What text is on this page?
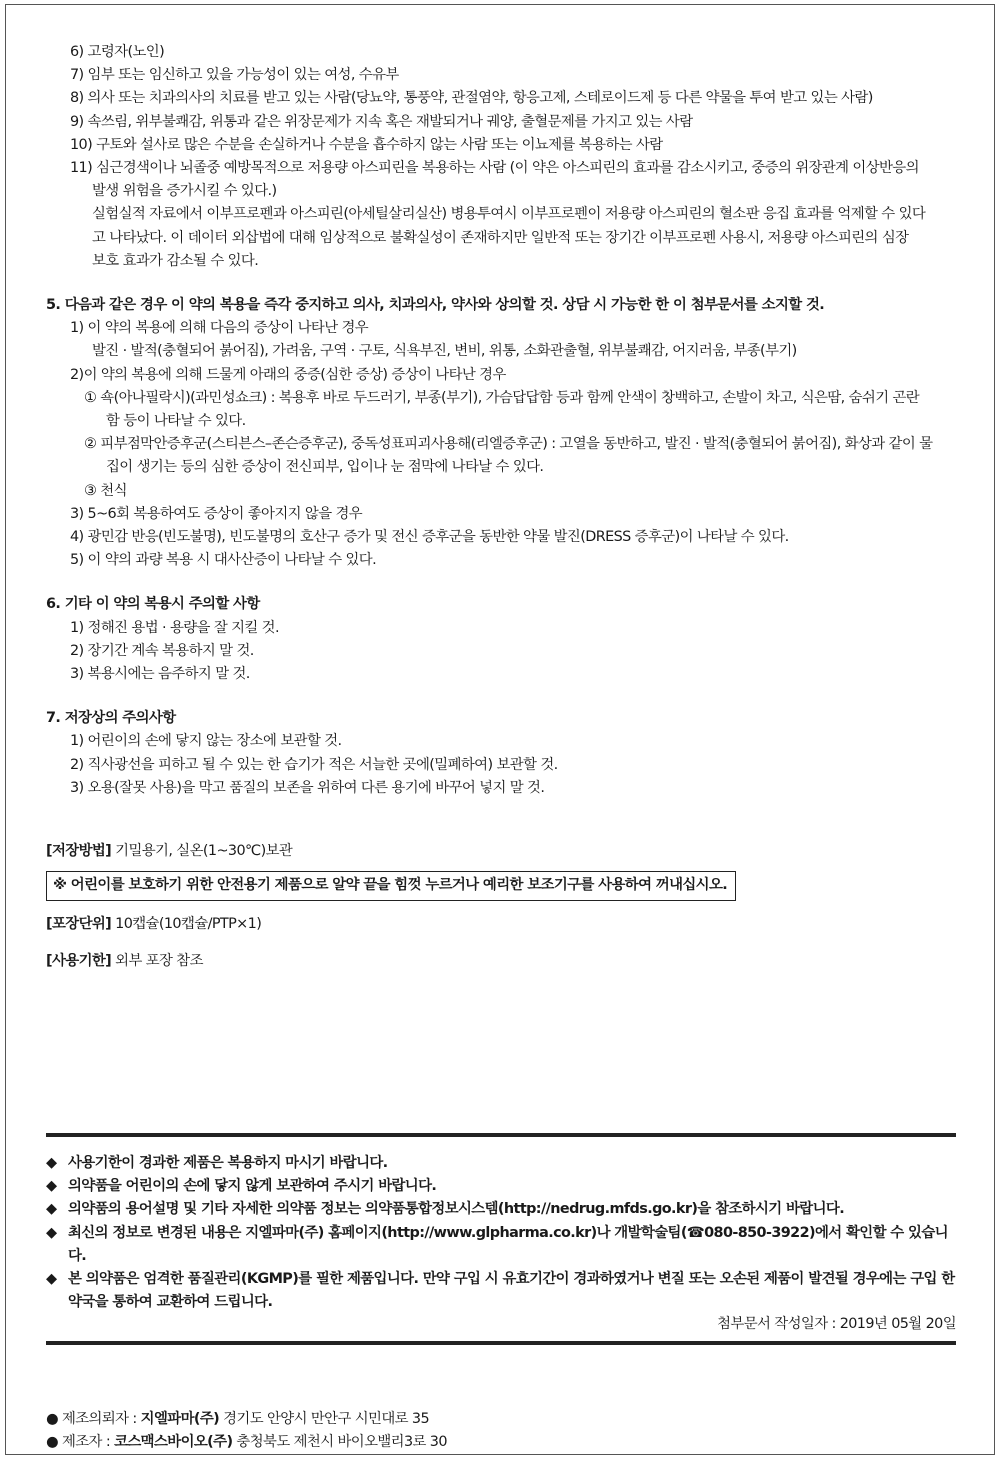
6) 고령자(노인)
7) 임부 또는 임신하고 있을 가능성이 있는 여성, 수유부
8) 의사 또는 치과의사의 치료를 받고 있는 사람(당뇨약, 통풍약, 관절염약, 항응고제, 스테로이드제 등 다른 약물을 투여 받고 있는 사람)
9) 속쓰림, 위부불쾌감, 위통과 같은 위장문제가 지속 혹은 재발되거나 궤양, 출혈문제를 가지고 있는 사람
10) 구토와 설사로 많은 수분을 손실하거나 수분을 흡수하지 않는 사람 또는 이뇨제를 복용하는 사람
11) 심근경색이나 뇌졸중 예방목적으로 저용량 아스피린을 복용하는 사람 (이 약은 아스피린의 효과를 감소시키고, 중증의 위장관계 이상반응의
발생 위험을 증가시킬 수 있다.)
실험실적 자료에서 이부프로펜과 아스피린(아세틸살리실산) 병용투여시 이부프로펜이 저용량 아스피린의 혈소판 응집 효과를 억제할 수 있다
고 나타났다. 이 데이터 외삽법에 대해 임상적으로 불확실성이 존재하지만 일반적 또는 장기간 이부프로펜 사용시, 저용량 아스피린의 심장
보호 효과가 감소될 수 있다.
5. 다음과 같은 경우 이 약의 복용을 즉각 중지하고 의사, 치과의사, 약사와 상의할 것. 상담 시 가능한 한 이 첨부문서를 소지할 것.
1) 이 약의 복용에 의해 다음의 증상이 나타난 경우
발진 · 발적(충혈되어 붉어짐), 가려움, 구역 · 구토, 식욕부진, 변비, 위통, 소화관출혈, 위부불쾌감, 어지러움, 부종(부기)
2)이 약의 복용에 의해 드물게 아래의 중증(심한 증상) 증상이 나타난 경우
① 쇽(아나필락시)(과민성쇼크) : 복용후 바로 두드러기, 부종(부기), 가슴답답함 등과 함께 안색이 창백하고, 손발이 차고, 식은땀, 숨쉬기 곤란
함 등이 나타날 수 있다.
② 피부점막안증후군(스티븐스–존슨증후군), 중독성표피괴사용해(리엘증후군) : 고열을 동반하고, 발진 · 발적(충혈되어 붉어짐), 화상과 같이 물
집이 생기는 등의 심한 증상이 전신피부, 입이나 눈 점막에 나타날 수 있다.
③ 천식
3) 5~6회 복용하여도 증상이 좋아지지 않을 경우
4) 광민감 반응(빈도불명), 빈도불명의 호산구 증가 및 전신 증후군을 동반한 약물 발진(DRESS 증후군)이 나타날 수 있다.
5) 이 약의 과량 복용 시 대사산증이 나타날 수 있다.
6. 기타 이 약의 복용시 주의할 사항
1) 정해진 용법 · 용량을 잘 지킬 것.
2) 장기간 계속 복용하지 말 것.
3) 복용시에는 음주하지 말 것.
7. 저장상의 주의사항
1) 어린이의 손에 닿지 않는 장소에 보관할 것.
2) 직사광선을 피하고 될 수 있는 한 습기가 적은 서늘한 곳에(밀폐하여) 보관할 것.
3) 오용(잘못 사용)을 막고 품질의 보존을 위하여 다른 용기에 바꾸어 넣지 말 것.
[저장방법] 기밀용기, 실온(1~30℃)보관
※ 어린이를 보호하기 위한 안전용기 제품으로 알약 끝을 힘껏 누르거나 예리한 보조기구를 사용하여 꺼내십시오.
[포장단위] 10캡슐(10캡슐/PTP×1)
[사용기한] 외부 포장 참조
◆ 사용기한이 경과한 제품은 복용하지 마시기 바랍니다.
◆ 의약품을 어린이의 손에 닿지 않게 보관하여 주시기 바랍니다.
◆ 의약품의 용어설명 및 기타 자세한 의약품 정보는 의약품통합정보시스템(http://nedrug.mfds.go.kr)을 참조하시기 바랍니다.
◆ 최신의 정보로 변경된 내용은 지엘파마(주) 홈페이지(http://www.glpharma.co.kr)나 개발학술팀(☎080-850-3922)에서 확인할 수 있습니다.
◆ 본 의약품은 엄격한 품질관리(KGMP)를 필한 제품입니다. 만약 구입 시 유효기간이 경과하였거나 변질 또는 오손된 제품이 발견될 경우에는 구입 한 약국을 통하여 교환하여 드립니다.
첨부문서 작성일자 : 2019년 05월 20일
● 제조의뢰자 : 지엘파마(주) 경기도 안양시 만안구 시민대로 35
● 제조자 : 코스맥스바이오(주) 충청북도 제천시 바이오밸리3로 30
